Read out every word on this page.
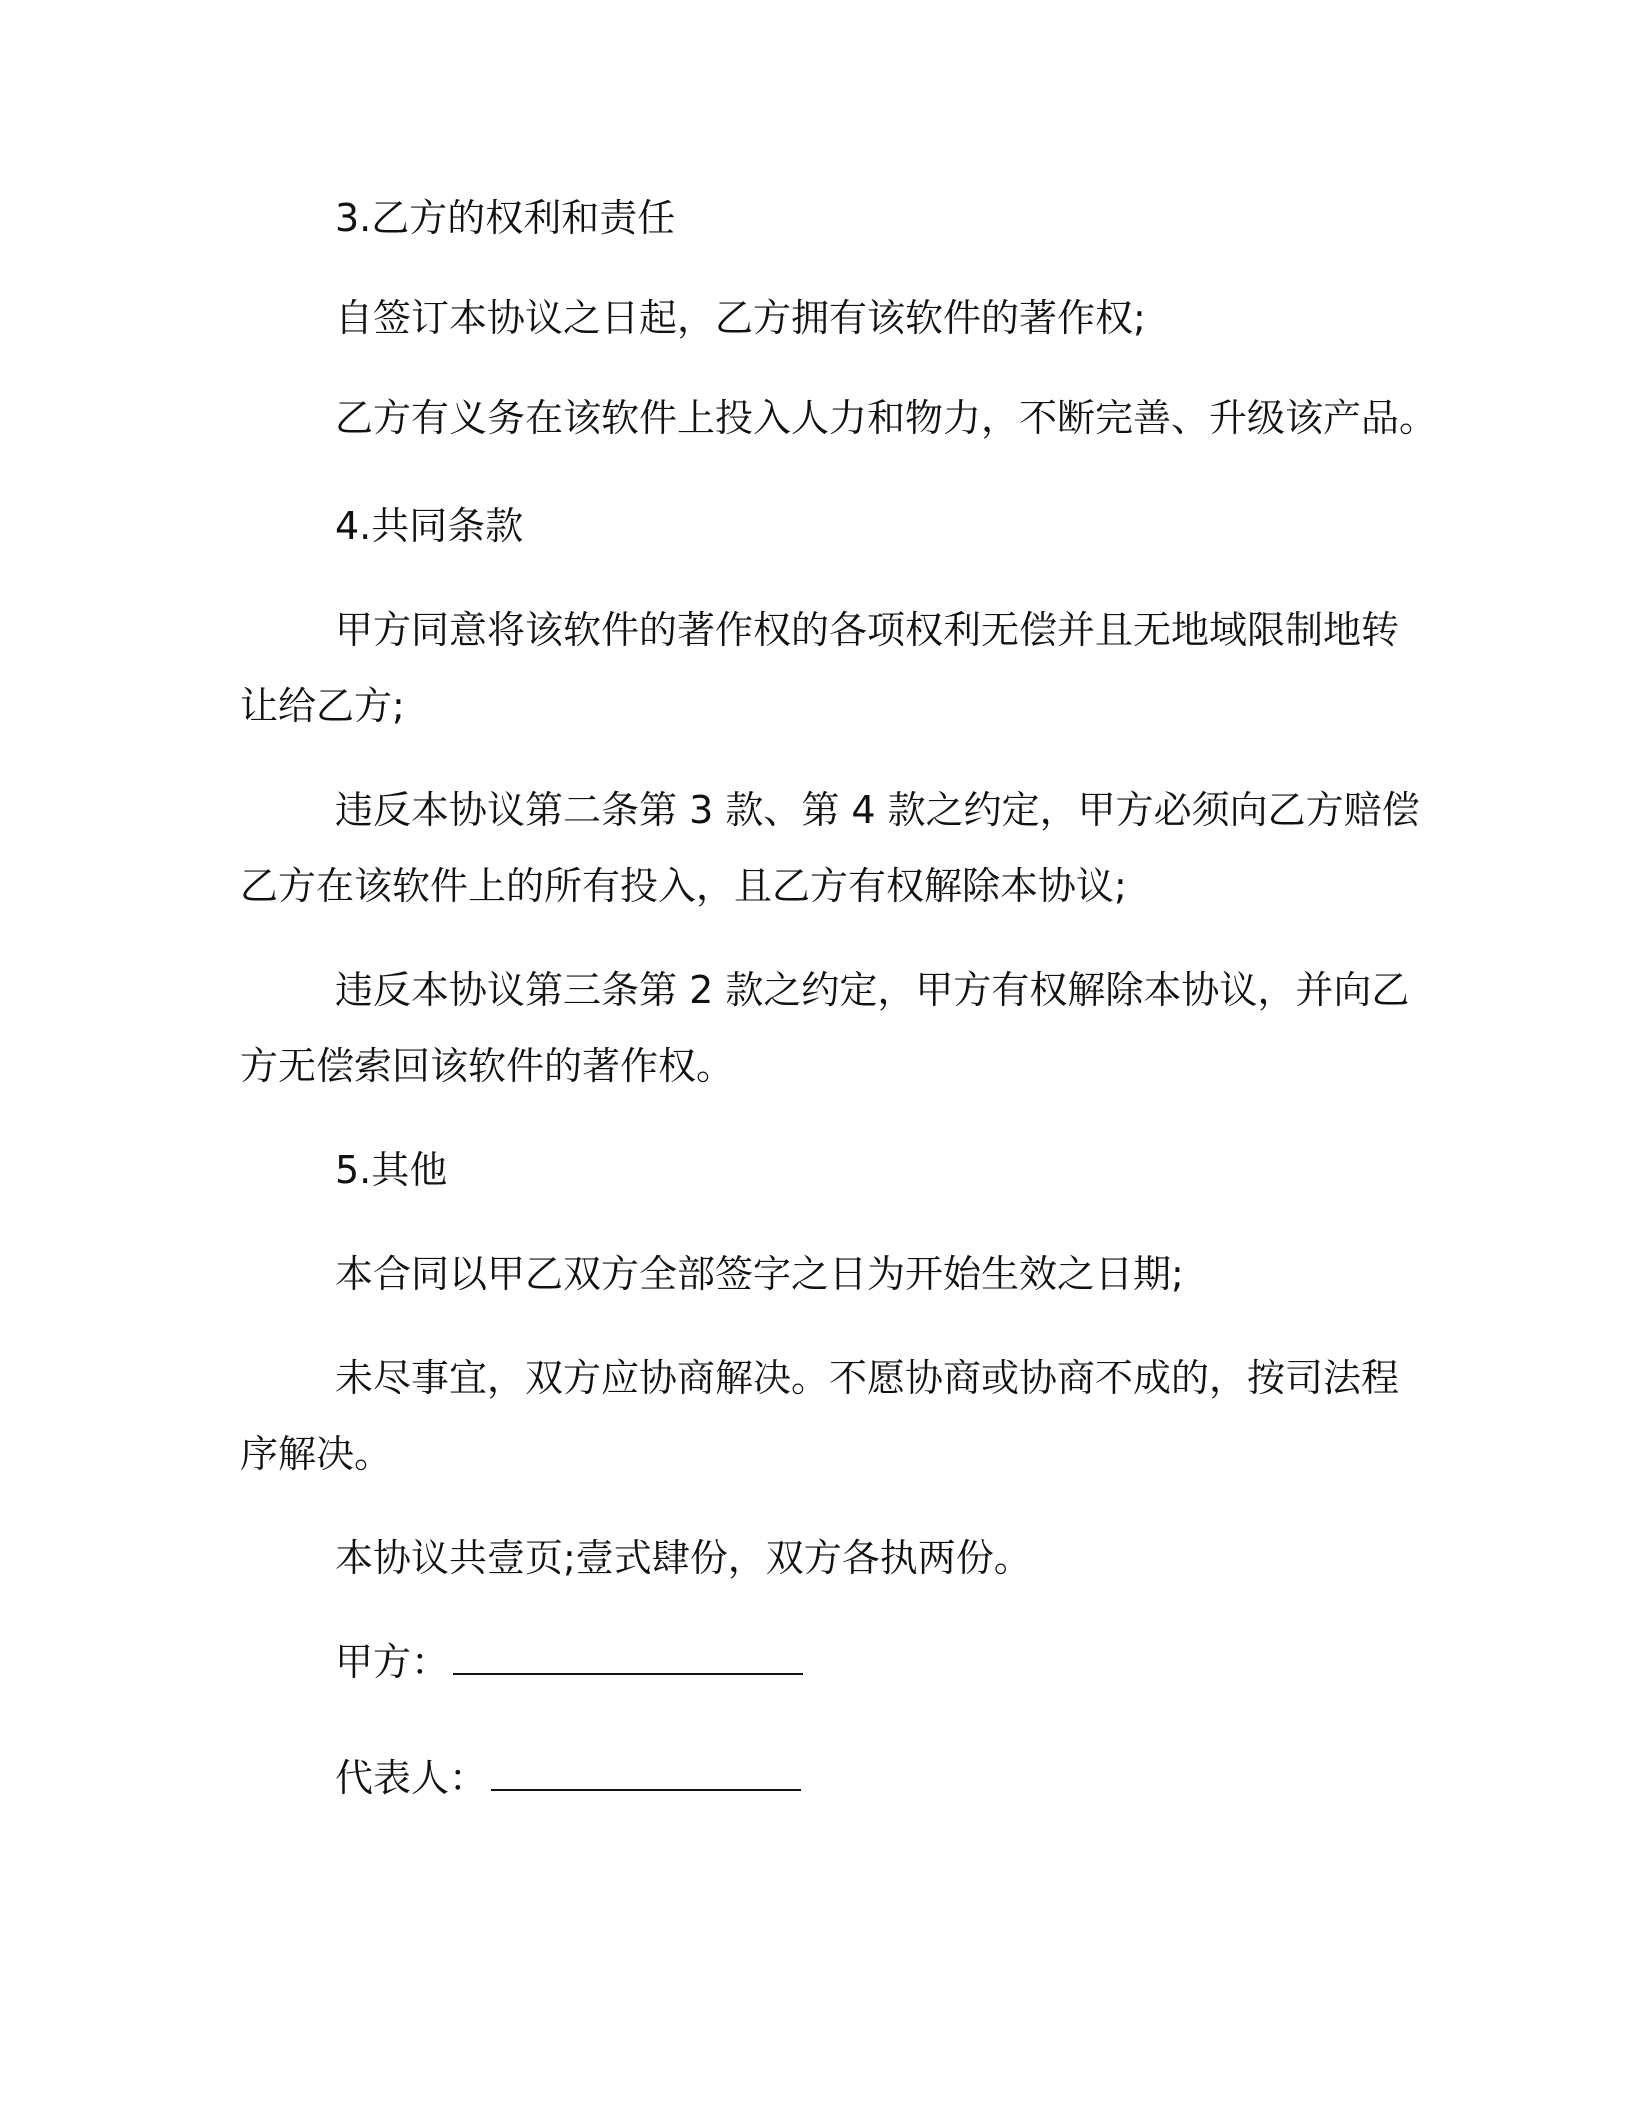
3.乙方的权利和责任
自签订本协议之日起，乙方拥有该软件的著作权;
乙方有义务在该软件上投入人力和物力，不断完善、升级该产品。
4.共同条款
甲方同意将该软件的著作权的各项权利无偿并且无地域限制地转
让给乙方;
违反本协议第二条第 3 款、第 4 款之约定，甲方必须向乙方赔偿
乙方在该软件上的所有投入，且乙方有权解除本协议;
违反本协议第三条第 2 款之约定，甲方有权解除本协议，并向乙
方无偿索回该软件的著作权。
5.其他
本合同以甲乙双方全部签字之日为开始生效之日期;
未尽事宜，双方应协商解决。不愿协商或协商不成的，按司法程
序解决。
本协议共壹页;壹式肆份，双方各执两份。
甲方：
代表人：
